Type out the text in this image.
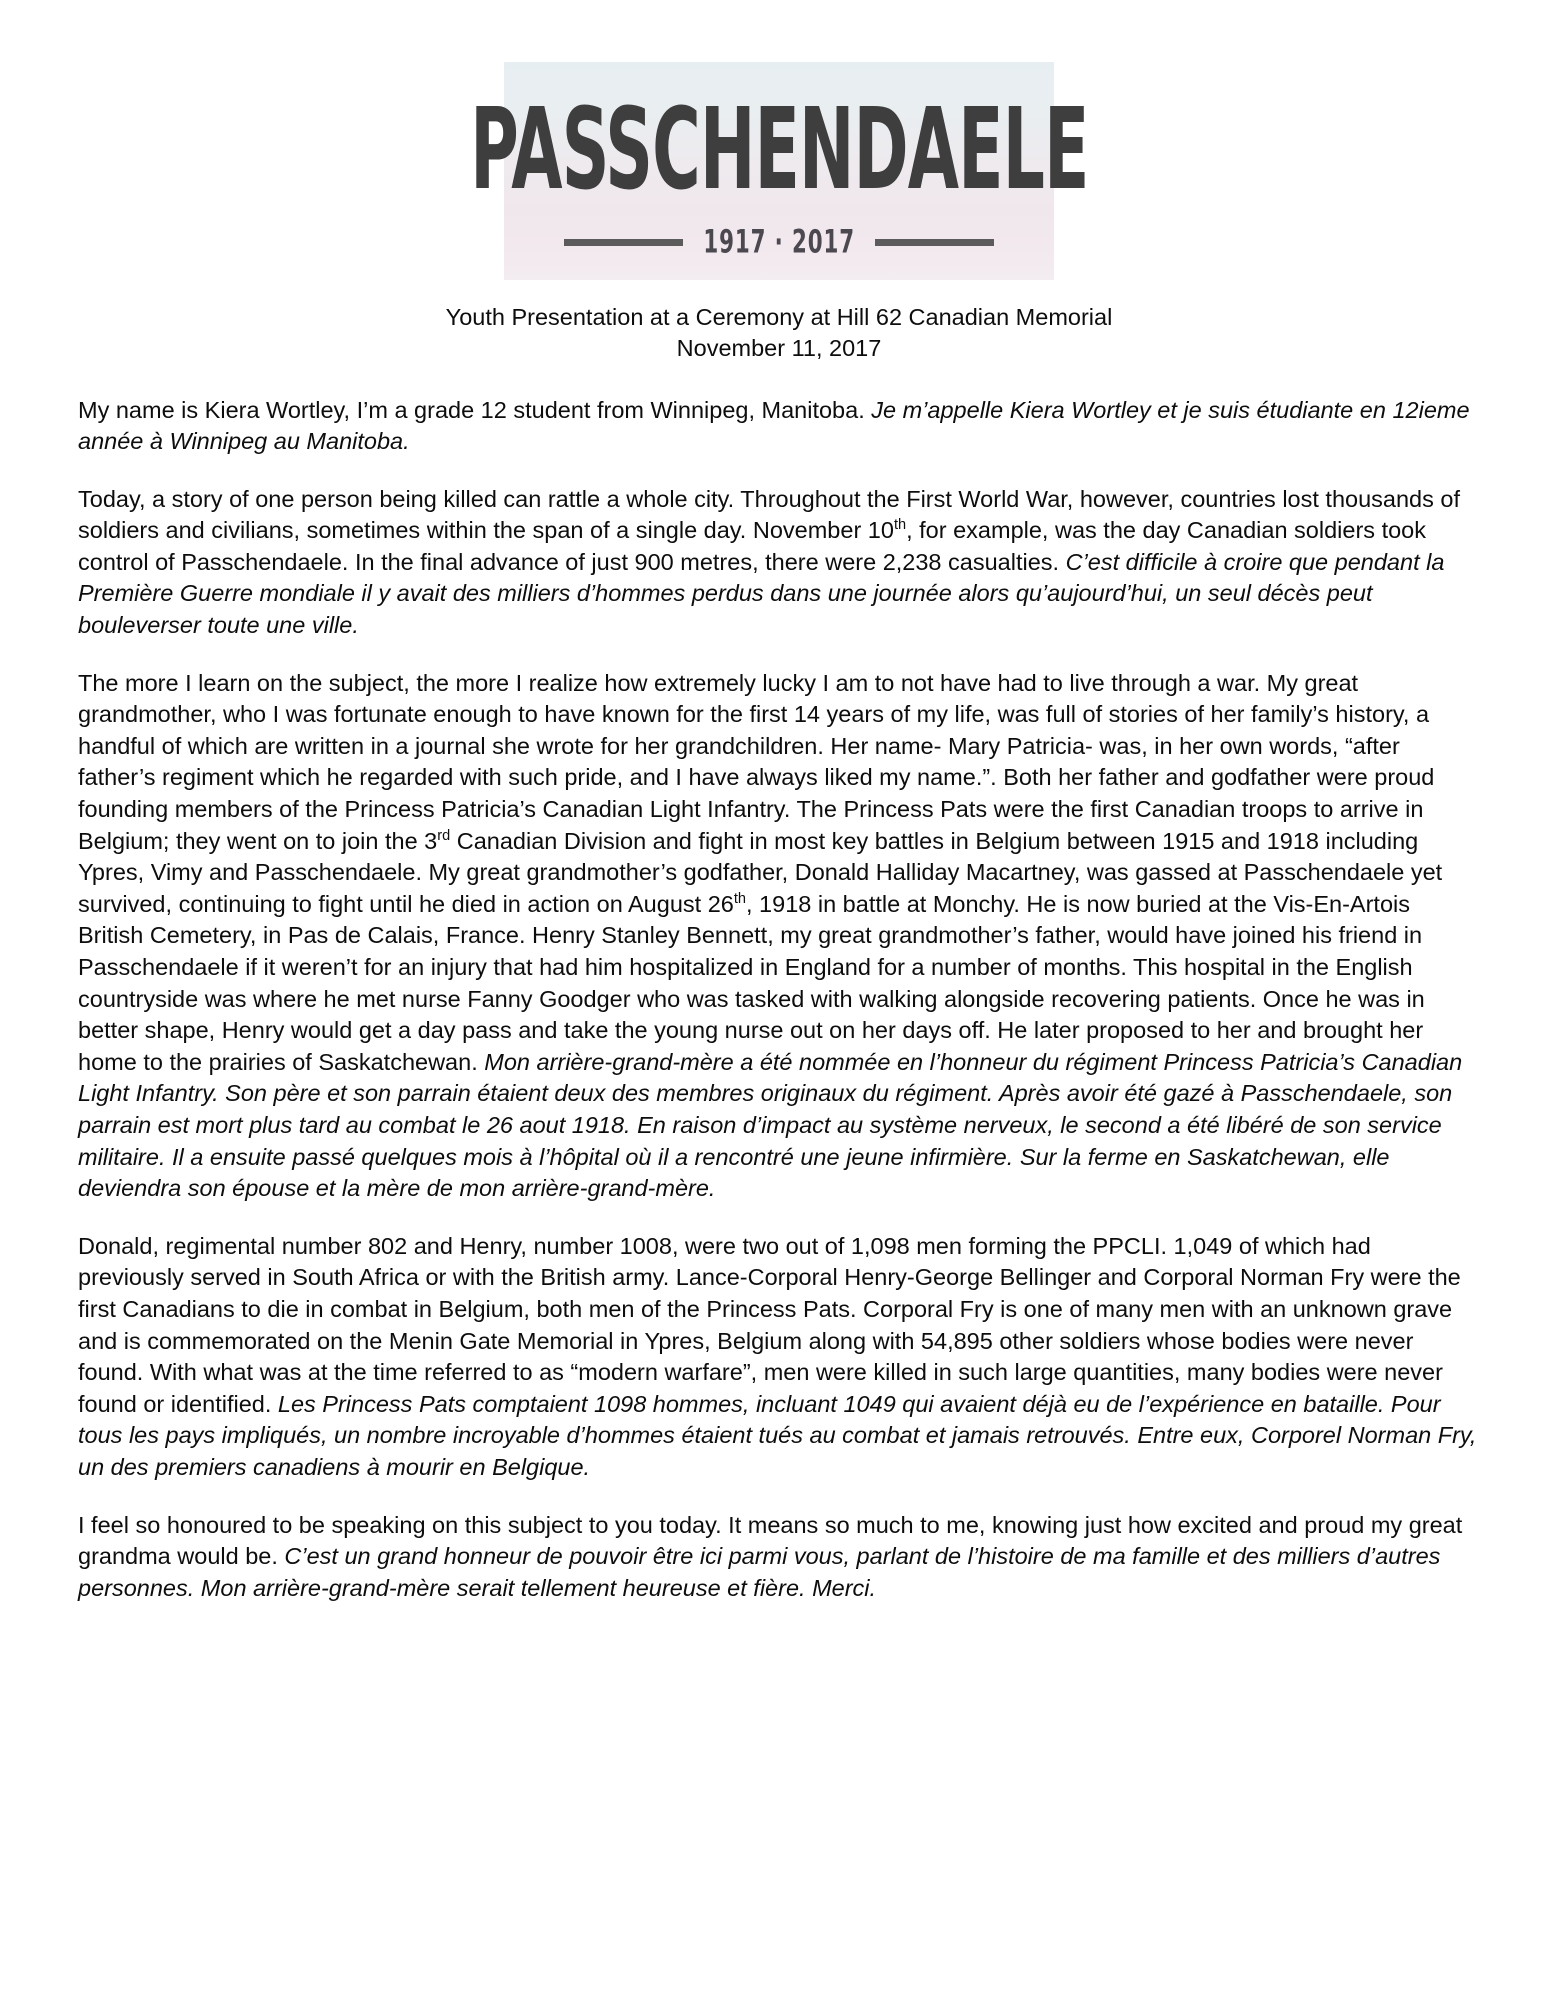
PASSCHENDAELE
1917 · 2017
Youth Presentation at a Ceremony at Hill 62 Canadian Memorial
November 11, 2017

My name is Kiera Wortley, I’m a grade 12 student from Winnipeg, Manitoba. Je m’appelle Kiera Wortley et je suis étudiante en 12ieme année à Winnipeg au Manitoba.

Today, a story of one person being killed can rattle a whole city. Throughout the First World War, however, countries lost thousands of soldiers and civilians, sometimes within the span of a single day. November 10th, for example, was the day Canadian soldiers took control of Passchendaele. In the final advance of just 900 metres, there were 2,238 casualties. C’est difficile à croire que pendant la Première Guerre mondiale il y avait des milliers d’hommes perdus dans une journée alors qu’aujourd’hui, un seul décès peut bouleverser toute une ville.

The more I learn on the subject, the more I realize how extremely lucky I am to not have had to live through a war. My great grandmother, who I was fortunate enough to have known for the first 14 years of my life, was full of stories of her family’s history, a handful of which are written in a journal she wrote for her grandchildren. Her name- Mary Patricia- was, in her own words, “after father’s regiment which he regarded with such pride, and I have always liked my name.”. Both her father and godfather were proud founding members of the Princess Patricia’s Canadian Light Infantry. The Princess Pats were the first Canadian troops to arrive in Belgium; they went on to join the 3rd Canadian Division and fight in most key battles in Belgium between 1915 and 1918 including Ypres, Vimy and Passchendaele. My great grandmother’s godfather, Donald Halliday Macartney, was gassed at Passchendaele yet survived, continuing to fight until he died in action on August 26th, 1918 in battle at Monchy. He is now buried at the Vis-En-Artois British Cemetery, in Pas de Calais, France. Henry Stanley Bennett, my great grandmother’s father, would have joined his friend in Passchendaele if it weren’t for an injury that had him hospitalized in England for a number of months. This hospital in the English countryside was where he met nurse Fanny Goodger who was tasked with walking alongside recovering patients. Once he was in better shape, Henry would get a day pass and take the young nurse out on her days off. He later proposed to her and brought her home to the prairies of Saskatchewan. Mon arrière-grand-mère a été nommée en l’honneur du régiment Princess Patricia’s Canadian Light Infantry. Son père et son parrain étaient deux des membres originaux du régiment. Après avoir été gazé à Passchendaele, son parrain est mort plus tard au combat le 26 aout 1918. En raison d’impact au système nerveux, le second a été libéré de son service militaire. Il a ensuite passé quelques mois à l’hôpital où il a rencontré une jeune infirmière. Sur la ferme en Saskatchewan, elle deviendra son épouse et la mère de mon arrière-grand-mère.

Donald, regimental number 802 and Henry, number 1008, were two out of 1,098 men forming the PPCLI. 1,049 of which had previously served in South Africa or with the British army. Lance-Corporal Henry-George Bellinger and Corporal Norman Fry were the first Canadians to die in combat in Belgium, both men of the Princess Pats. Corporal Fry is one of many men with an unknown grave and is commemorated on the Menin Gate Memorial in Ypres, Belgium along with 54,895 other soldiers whose bodies were never found. With what was at the time referred to as “modern warfare”, men were killed in such large quantities, many bodies were never found or identified. Les Princess Pats comptaient 1098 hommes, incluant 1049 qui avaient déjà eu de l’expérience en bataille. Pour tous les pays impliqués, un nombre incroyable d’hommes étaient tués au combat et jamais retrouvés. Entre eux, Corporel Norman Fry, un des premiers canadiens à mourir en Belgique.

I feel so honoured to be speaking on this subject to you today. It means so much to me, knowing just how excited and proud my great grandma would be. C’est un grand honneur de pouvoir être ici parmi vous, parlant de l’histoire de ma famille et des milliers d’autres personnes. Mon arrière-grand-mère serait tellement heureuse et fière. Merci.
